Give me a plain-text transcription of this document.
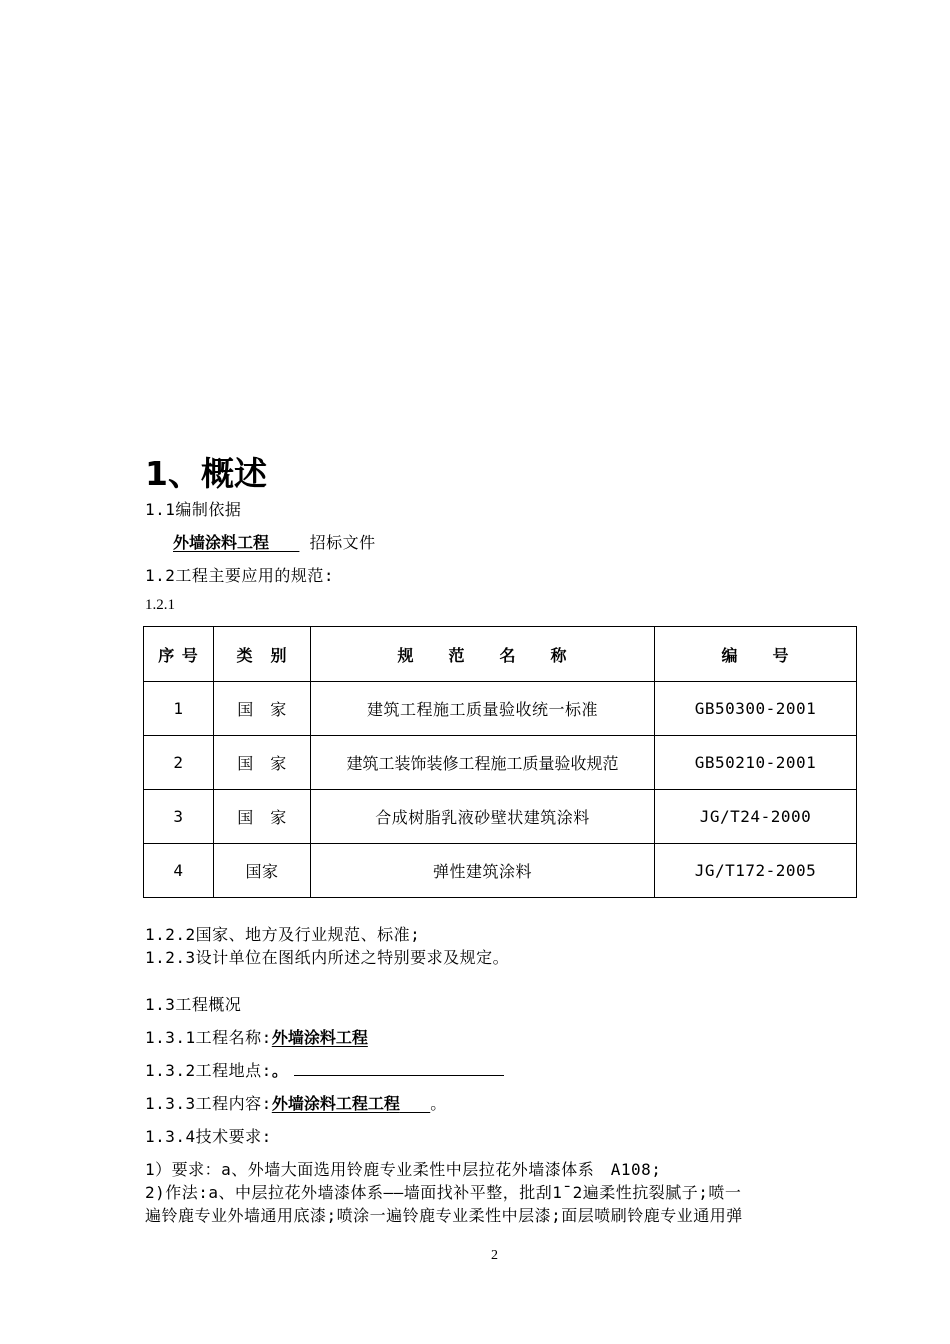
1、概述
1.1编制依据
外墙涂料工程	招标文件
1.2工程主要应用的规范:
1.2.1
序 号	类　别	规　　范　　名　　称	编　　号
1	国　家	建筑工程施工质量验收统一标准	GB50300-2001
2	国　家	建筑工装饰装修工程施工质量验收规范	GB50210-2001
3	国　家	合成树脂乳液砂壁状建筑涂料	JG/T24-2000
4	国家	弹性建筑涂料	JG/T172-2005
1.2.2国家、地方及行业规范、标准;
1.2.3设计单位在图纸内所述之特别要求及规定。
1.3工程概况
1.3.1工程名称:外墙涂料工程
1.3.2工程地点:。
1.3.3工程内容:外墙涂料工程工程 。
1.3.4技术要求:
1）要求：a、外墙大面选用铃鹿专业柔性中层拉花外墙漆体系　A108;
2)作法:a、中层拉花外墙漆体系——墙面找补平整，批刮1¯2遍柔性抗裂腻子;喷一
遍铃鹿专业外墙通用底漆;喷涂一遍铃鹿专业柔性中层漆;面层喷刷铃鹿专业通用弹
2
